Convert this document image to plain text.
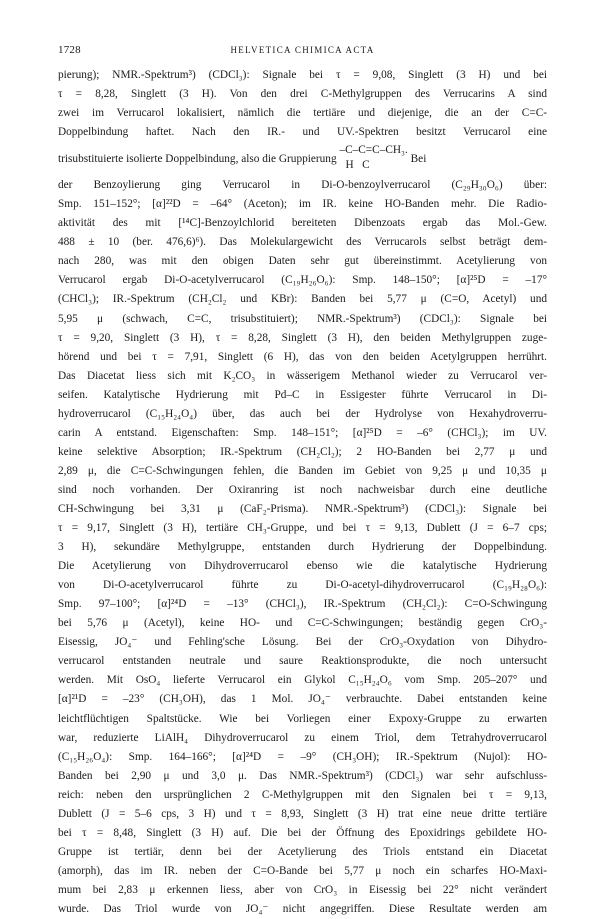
1728	HELVETICA CHIMICA ACTA
pierung); NMR.-Spektrum³) (CDCl₃): Signale bei τ = 9,08, Singlett (3 H) und bei
τ = 8,28, Singlett (3 H). Von den drei C-Methylgruppen des Verrucarins A sind
zwei im Verrucarol lokalisiert, nämlich die tertiäre und diejenige, die an der C=C-
Doppelbindung haftet. Nach den IR.- und UV.-Spektren besitzt Verrucarol eine
trisubstituierte isolierte Doppelbindung, also die Gruppierung
–C–C=C–CH₃.
H   C	Bei
der Benzoylierung ging Verrucarol in Di-O-benzoylverrucarol (C₂₉H₃₀O₆) über:
Smp. 151–152°; [α]²²D = –64° (Aceton); im IR. keine HO-Banden mehr. Die Radio-
aktivität des mit [¹⁴C]-Benzoylchlorid bereiteten Dibenzoats ergab das Mol.-Gew.
488 ± 10 (ber. 476,6)⁶). Das Molekulargewicht des Verrucarols selbst beträgt dem-
nach 280, was mit den obigen Daten sehr gut übereinstimmt. Acetylierung von
Verrucarol ergab Di-O-acetylverrucarol (C₁₉H₂₆O₆): Smp. 148–150°; [α]²⁵D = –17°
(CHCl₃); IR.-Spektrum (CH₂Cl₂ und KBr): Banden bei 5,77 μ (C=O, Acetyl) und
5,95 μ (schwach, C=C, trisubstituiert); NMR.-Spektrum³) (CDCl₃): Signale bei
τ = 9,20, Singlett (3 H), τ = 8,28, Singlett (3 H), den beiden Methylgruppen zuge-
hörend und bei τ = 7,91, Singlett (6 H), das von den beiden Acetylgruppen herrührt.
Das Diacetat liess sich mit K₂CO₃ in wässerigem Methanol wieder zu Verrucarol ver-
seifen. Katalytische Hydrierung mit Pd–C in Essigester führte Verrucarol in Di-
hydroverrucarol (C₁₅H₂₄O₄) über, das auch bei der Hydrolyse von Hexahydroverru-
carin A entstand. Eigenschaften: Smp. 148–151°; [α]²⁵D = –6° (CHCl₃); im UV.
keine selektive Absorption; IR.-Spektrum (CH₂Cl₂); 2 HO-Banden bei 2,77 μ und
2,89 μ, die C=C-Schwingungen fehlen, die Banden im Gebiet von 9,25 μ und 10,35 μ
sind noch vorhanden. Der Oxiranring ist noch nachweisbar durch eine deutliche
CH-Schwingung bei 3,31 μ (CaF₂-Prisma). NMR.-Spektrum³) (CDCl₃): Signale bei
τ = 9,17, Singlett (3 H), tertiäre CH₃-Gruppe, und bei τ = 9,13, Dublett (J = 6–7 cps;
3 H), sekundäre Methylgruppe, entstanden durch Hydrierung der Doppelbindung.
Die Acetylierung von Dihydroverrucarol ebenso wie die katalytische Hydrierung
von Di-O-acetylverrucarol führte zu Di-O-acetyl-dihydroverrucarol (C₁₉H₂₈O₆):
Smp. 97–100°; [α]²⁴D = –13° (CHCl₃), IR.-Spektrum (CH₂Cl₂): C=O-Schwingung
bei 5,76 μ (Acetyl), keine HO- und C=C-Schwingungen; beständig gegen CrO₃-
Eisessig, JO₄⁻ und Fehling'sche Lösung. Bei der CrO₃-Oxydation von Dihydro-
verrucarol entstanden neutrale und saure Reaktionsprodukte, die noch untersucht
werden. Mit OsO₄ lieferte Verrucarol ein Glykol C₁₅H₂₄O₆ vom Smp. 205–207° und
[α]²¹D = –23° (CH₃OH), das 1 Mol. JO₄⁻ verbrauchte. Dabei entstanden keine
leichtflüchtigen Spaltstücke. Wie bei Vorliegen einer Expoxy-Gruppe zu erwarten
war, reduzierte LiAlH₄ Dihydroverrucarol zu einem Triol, dem Tetrahydroverrucarol
(C₁₅H₂₆O₄): Smp. 164–166°; [α]²⁴D = –9° (CH₃OH); IR.-Spektrum (Nujol): HO-
Banden bei 2,90 μ und 3,0 μ. Das NMR.-Spektrum³) (CDCl₃) war sehr aufschluss-
reich: neben den ursprünglichen 2 C-Methylgruppen mit den Signalen bei τ = 9,13,
Dublett (J = 5–6 cps, 3 H) und τ = 8,93, Singlett (3 H) trat eine neue dritte tertiäre
bei τ = 8,48, Singlett (3 H) auf. Die bei der Öffnung des Epoxidrings gebildete HO-
Gruppe ist tertiär, denn bei der Acetylierung des Triols entstand ein Diacetat
(amorph), das im IR. neben der C=O-Bande bei 5,77 μ noch ein scharfes HO-Maxi-
mum bei 2,83 μ erkennen liess, aber von CrO₃ in Eisessig bei 22° nicht verändert
wurde. Das Triol wurde von JO₄⁻ nicht angegriffen. Diese Resultate werden am
